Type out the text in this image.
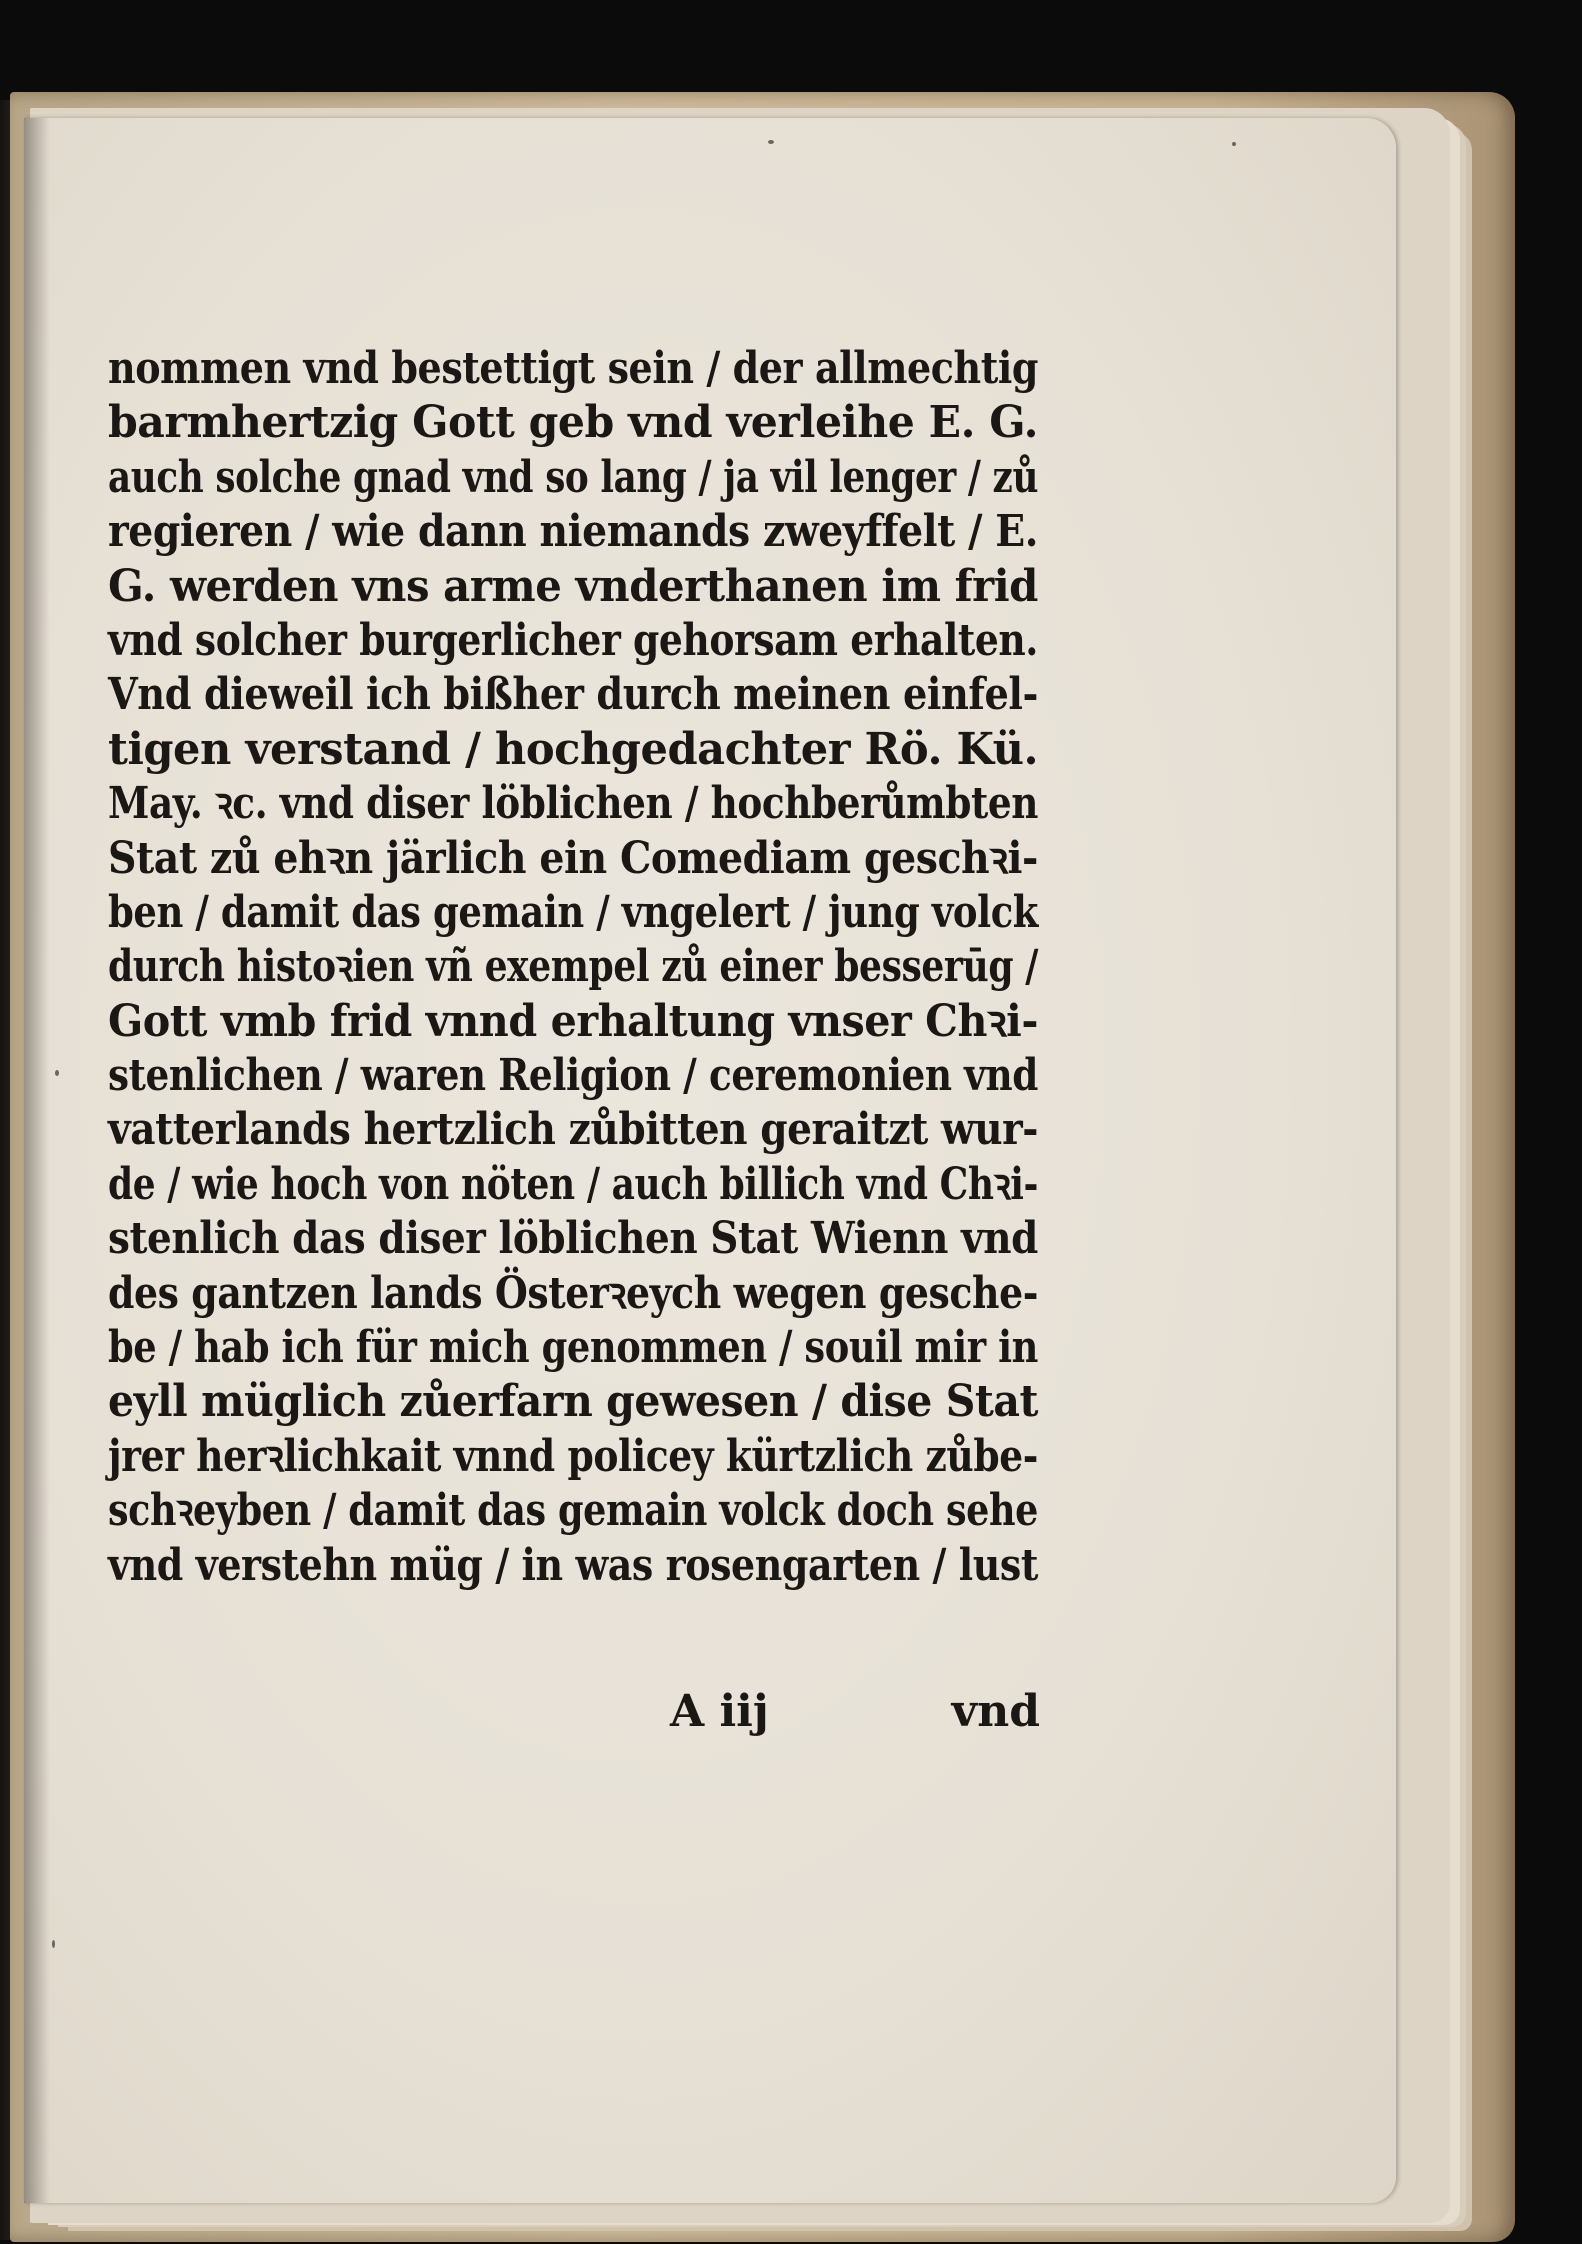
nommen vnd bestettigt sein / der allmechtig
barmhertzig Gott geb vnd verleihe E. G.
auch solche gnad vnd so lang / ja vil lenger / zů
regieren / wie dann niemands zweyffelt / E.
G. werden vns arme vnderthanen im frid
vnd solcher burgerlicher gehorsam erhalten.
Vnd dieweil ich bißher durch meinen einfel-
tigen verstand / hochgedachter Rö. Kü.
May. ꝛc. vnd diser löblichen / hochberůmbten
Stat zů ehꝛn järlich ein Comediam geschꝛi-
ben / damit das gemain / vngelert / jung volck
durch histoꝛien vñ exempel zů einer besserūg /
Gott vmb frid vnnd erhaltung vnser Chꝛi-
stenlichen / waren Religion / ceremonien vnd
vatterlands hertzlich zůbitten geraitzt wur-
de / wie hoch von nöten / auch billich vnd Chꝛi-
stenlich das diser löblichen Stat Wienn vnd
des gantzen lands Österꝛeych wegen gesche-
be / hab ich für mich genommen / souil mir in
eyll müglich zůerfarn gewesen / dise Stat
jrer herꝛlichkait vnnd policey kürtzlich zůbe-
schꝛeyben / damit das gemain volck doch sehe
vnd verstehn müg / in was rosengarten / lust
A iij	vnd
